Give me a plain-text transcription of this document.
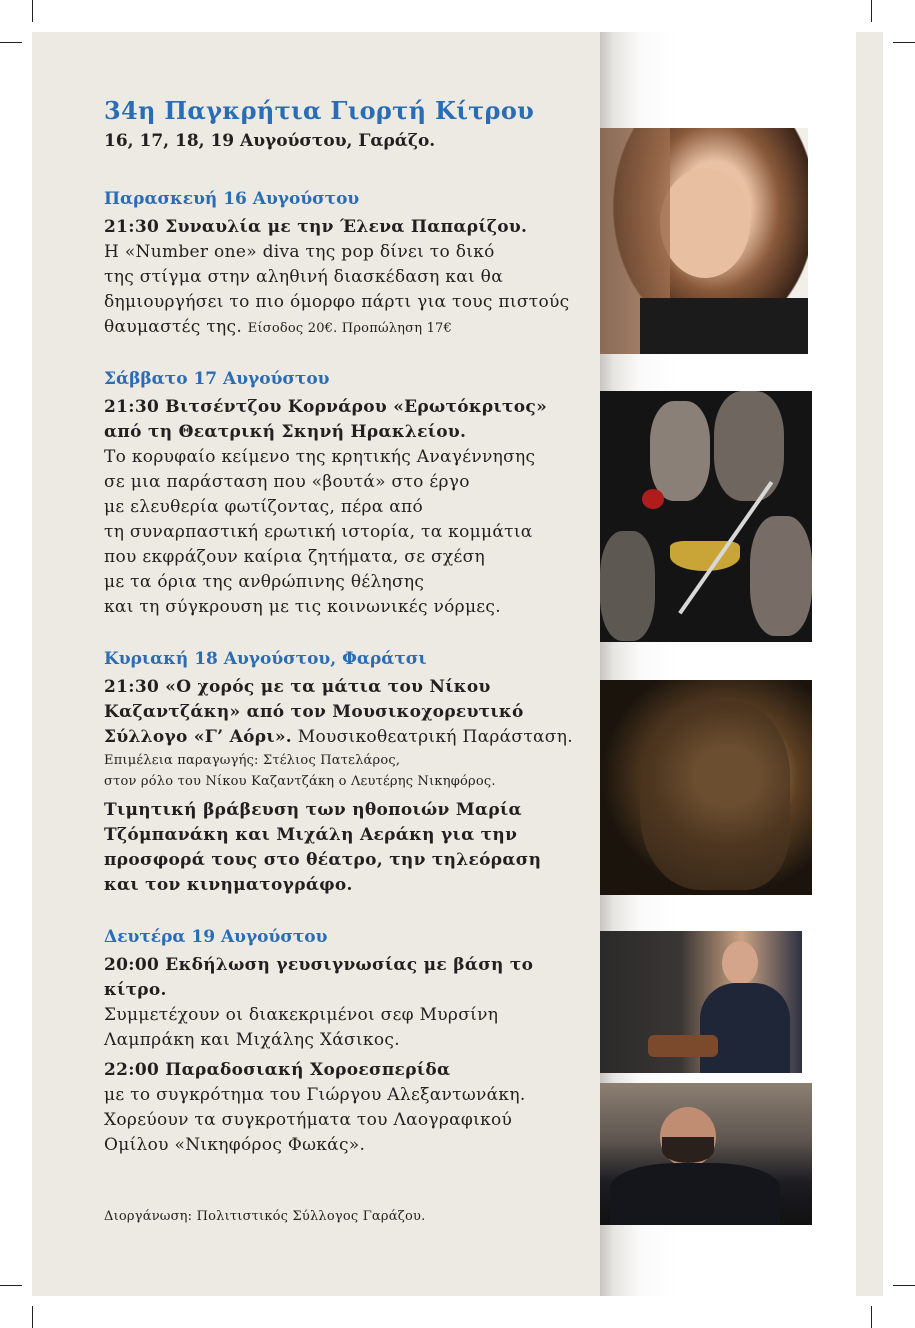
34η Παγκρήτια Γιορτή Κίτρου

16, 17, 18, 19 Αυγούστου, Γαράζο.

Παρασκευή 16 Αυγούστου

21:30 Συναυλία με την Έλενα Παπαρίζου.

Η «Number one» diva της pop δίνει το δικό

της στίγμα στην αληθινή διασκέδαση και θα

δημιουργήσει το πιο όμορφο πάρτι για τους πιστούς

θαυμαστές της. Είσοδος 20€. Προπώληση 17€

Σάββατο 17 Αυγούστου

21:30 Βιτσέντζου Κορνάρου «Ερωτόκριτος»

από τη Θεατρική Σκηνή Ηρακλείου.

Το κορυφαίο κείμενο της κρητικής Αναγέννησης

σε μια παράσταση που «βουτά» στο έργο

με ελευθερία φωτίζοντας, πέρα από

τη συναρπαστική ερωτική ιστορία, τα κομμάτια

που εκφράζουν καίρια ζητήματα, σε σχέση

με τα όρια της ανθρώπινης θέλησης

και τη σύγκρουση με τις κοινωνικές νόρμες.

Κυριακή 18 Αυγούστου, Φαράτσι

21:30 «Ο χορός με τα μάτια του Νίκου

Καζαντζάκη» από τον Μουσικοχορευτικό

Σύλλογο «Γ’ Αόρι». Μουσικοθεατρική Παράσταση.

Επιμέλεια παραγωγής: Στέλιος Πατελάρος,

στον ρόλο του Νίκου Καζαντζάκη ο Λευτέρης Νικηφόρος.

Τιμητική βράβευση των ηθοποιών Μαρία

Τζόμπανάκη και Μιχάλη Αεράκη για την

προσφορά τους στο θέατρο, την τηλεόραση

και τον κινηματογράφο.

Δευτέρα 19 Αυγούστου

20:00 Εκδήλωση γευσιγνωσίας με βάση το κίτρο.

Συμμετέχουν οι διακεκριμένοι σεφ Μυρσίνη

Λαμπράκη και Μιχάλης Χάσικος.

22:00 Παραδοσιακή Χοροεσπερίδα

με το συγκρότημα του Γιώργου Αλεξαντωνάκη.

Χορεύουν τα συγκροτήματα του Λαογραφικού

Ομίλου «Νικηφόρος Φωκάς».

Διοργάνωση: Πολιτιστικός Σύλλογος Γαράζου.
